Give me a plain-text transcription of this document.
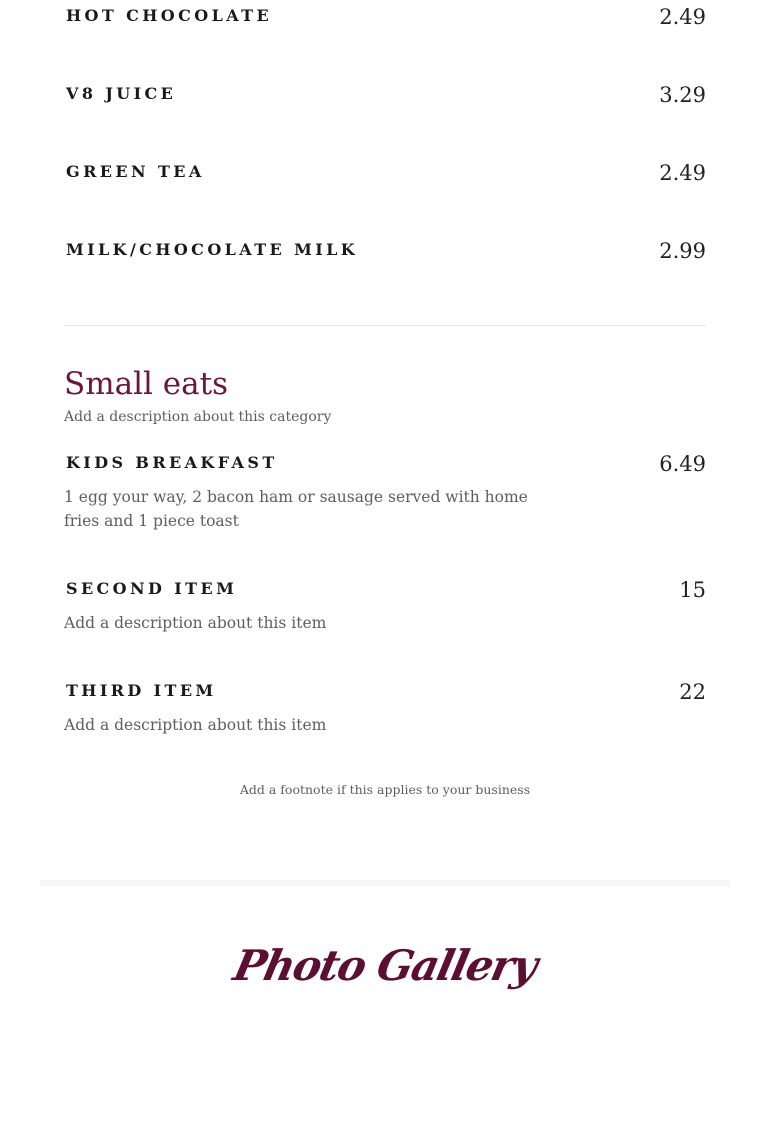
HOT CHOCOLATE	2.49
V8 JUICE	3.29
GREEN TEA	2.49
MILK/CHOCOLATE MILK	2.99
Small eats
Add a description about this category
KIDS BREAKFAST	6.49
1 egg your way, 2 bacon ham or sausage served with home fries and 1 piece toast
SECOND ITEM	15
Add a description about this item
THIRD ITEM	22
Add a description about this item
Add a footnote if this applies to your business
Photo Gallery
